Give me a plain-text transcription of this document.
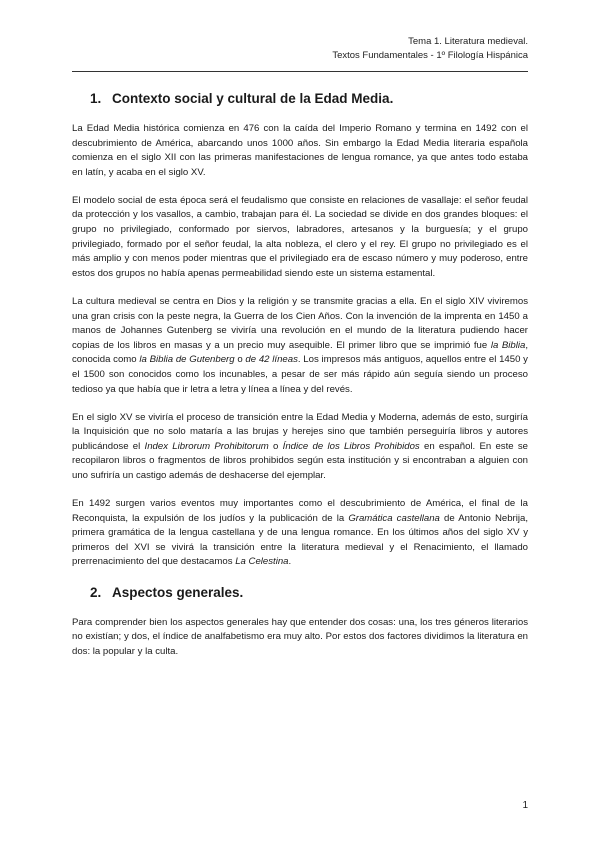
Tema 1. Literatura medieval.
Textos Fundamentales - 1º Filología Hispánica
1. Contexto social y cultural de la Edad Media.

La Edad Media histórica comienza en 476 con la caída del Imperio Romano y termina en 1492 con el descubrimiento de América, abarcando unos 1000 años. Sin embargo la Edad Media literaria española comienza en el siglo XII con las primeras manifestaciones de lengua romance, ya que antes todo estaba en latín, y acaba en el siglo XV.

El modelo social de esta época será el feudalismo que consiste en relaciones de vasallaje: el señor feudal da protección y los vasallos, a cambio, trabajan para él. La sociedad se divide en dos grandes bloques: el grupo no privilegiado, conformado por siervos, labradores, artesanos y la burguesía; y el grupo privilegiado, formado por el señor feudal, la alta nobleza, el clero y el rey. El grupo no privilegiado es el más amplio y con menos poder mientras que el privilegiado era de escaso número y muy poderoso, entre estos dos grupos no había apenas permeabilidad siendo este un sistema estamental.

La cultura medieval se centra en Dios y la religión y se transmite gracias a ella. En el siglo XIV viviremos una gran crisis con la peste negra, la Guerra de los Cien Años. Con la invención de la imprenta en 1450 a manos de Johannes Gutenberg se viviría una revolución en el mundo de la literatura pudiendo hacer copias de los libros en masas y a un precio muy asequible. El primer libro que se imprimió fue la Biblia, conocida como la Biblia de Gutenberg o de 42 líneas. Los impresos más antiguos, aquellos entre el 1450 y el 1500 son conocidos como los incunables, a pesar de ser más rápido aún seguía siendo un proceso tedioso ya que había que ir letra a letra y línea a línea y del revés.

En el siglo XV se viviría el proceso de transición entre la Edad Media y Moderna, además de esto, surgiría la Inquisición que no solo mataría a las brujas y herejes sino que también perseguiría libros y autores publicándose el Index Librorum Prohibitorum o Índice de los Libros Prohibidos en español. En este se recopilaron libros o fragmentos de libros prohibidos según esta institución y si encontraban a alguien con uno sufriría un castigo además de deshacerse del ejemplar.

En 1492 surgen varios eventos muy importantes como el descubrimiento de América, el final de la Reconquista, la expulsión de los judíos y la publicación de la Gramática castellana de Antonio Nebrija, primera gramática de la lengua castellana y de una lengua romance. En los últimos años del siglo XV y primeros del XVI se vivirá la transición entre la literatura medieval y el Renacimiento, el llamado prerrenacimiento del que destacamos La Celestina.

2. Aspectos generales.

Para comprender bien los aspectos generales hay que entender dos cosas: una, los tres géneros literarios no existían; y dos, el índice de analfabetismo era muy alto. Por estos dos factores dividimos la literatura en dos: la popular y la culta.

1
